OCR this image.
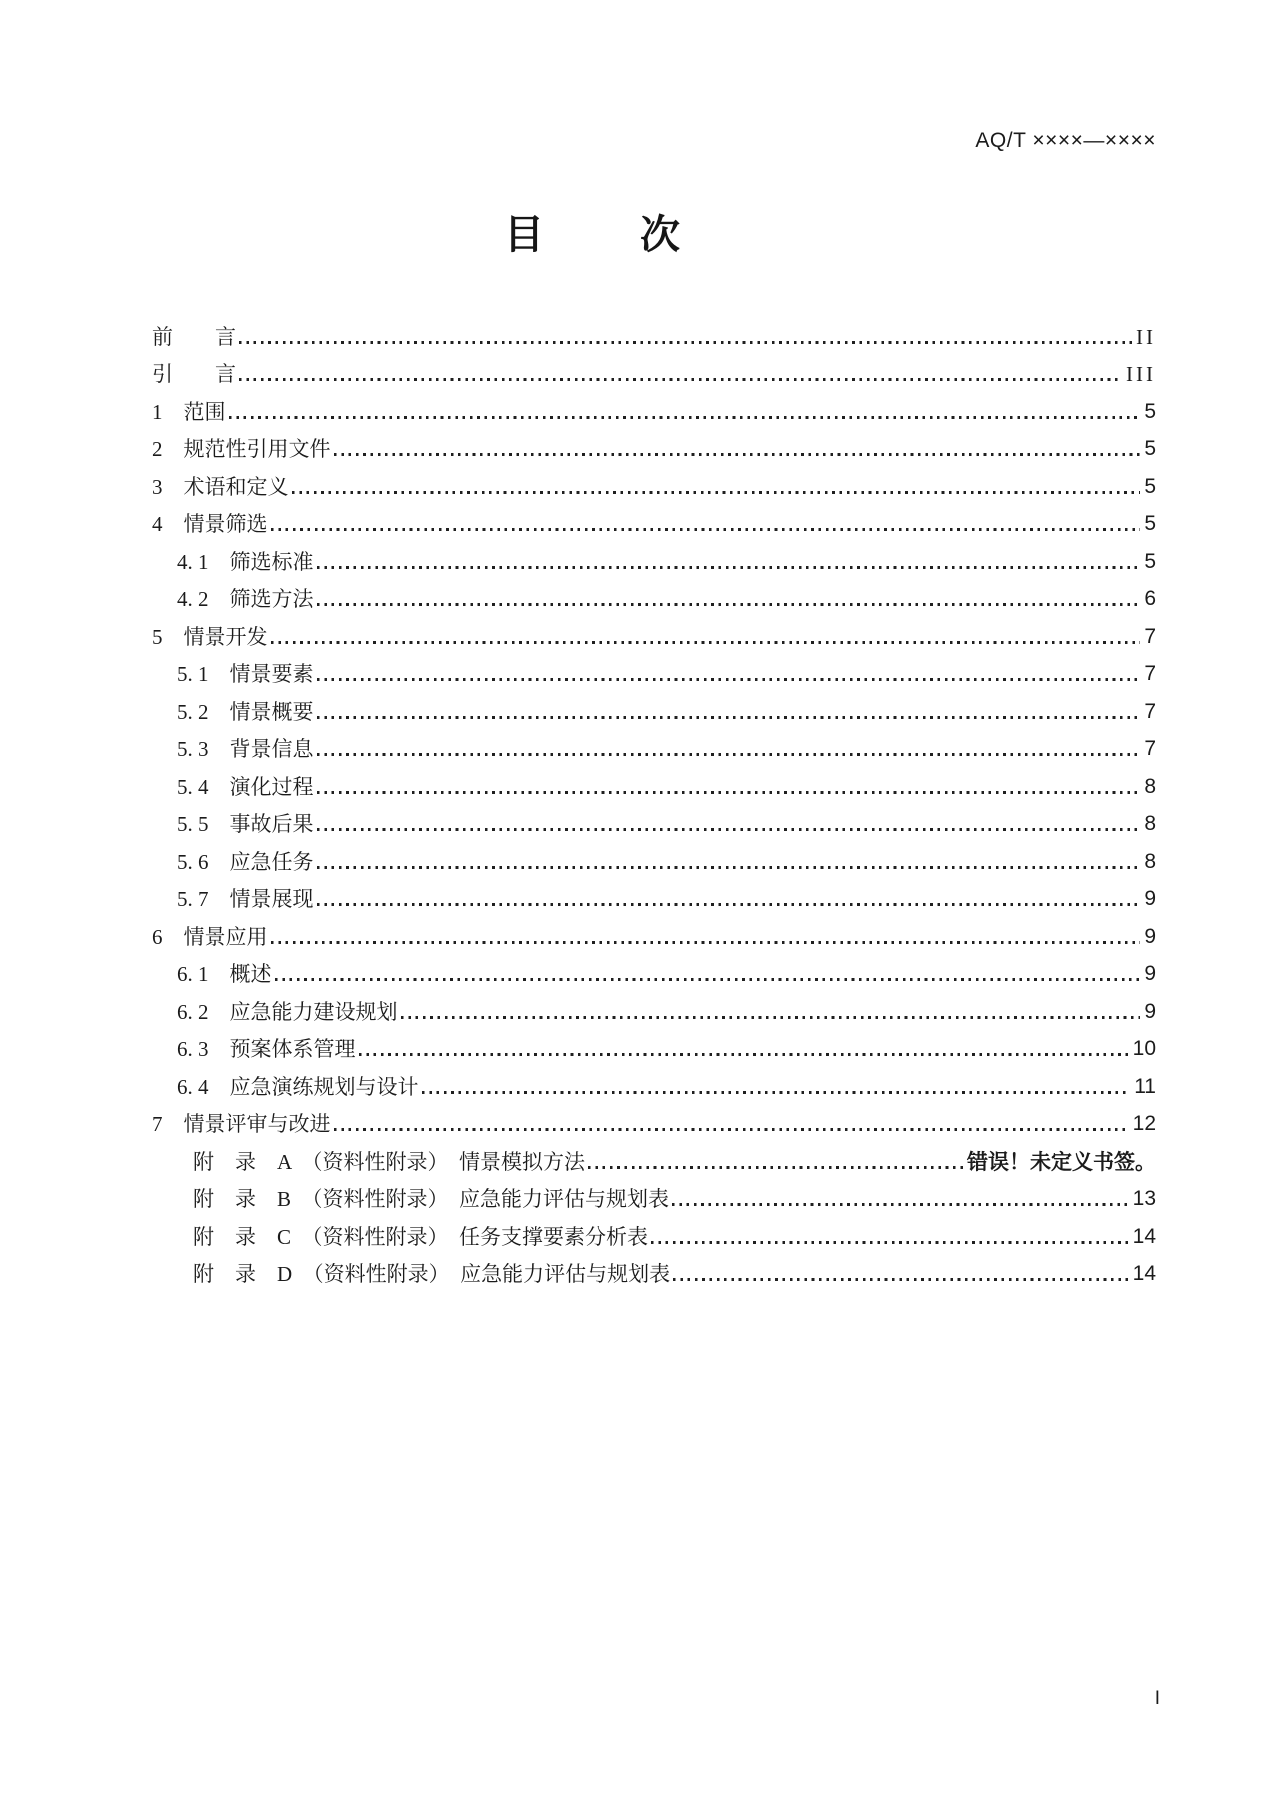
AQ/T ××××—××××
目　次
前　　言	II
引　　言	III
1　范围	5
2　规范性引用文件	5
3　术语和定义	5
4　情景筛选	5
4. 1　筛选标准	5
4. 2　筛选方法	6
5　情景开发	7
5. 1　情景要素	7
5. 2　情景概要	7
5. 3　背景信息	7
5. 4　演化过程	8
5. 5　事故后果	8
5. 6　应急任务	8
5. 7　情景展现	9
6　情景应用	9
6. 1　概述	9
6. 2　应急能力建设规划	9
6. 3　预案体系管理	10
6. 4　应急演练规划与设计	11
7　情景评审与改进	12
附　录　A　（资料性附录）　情景模拟方法	错误！未定义书签。
附　录　B　（资料性附录）　应急能力评估与规划表	13
附　录　C　（资料性附录）　任务支撑要素分析表	14
附　录　D　（资料性附录）　应急能力评估与规划表	14
I
